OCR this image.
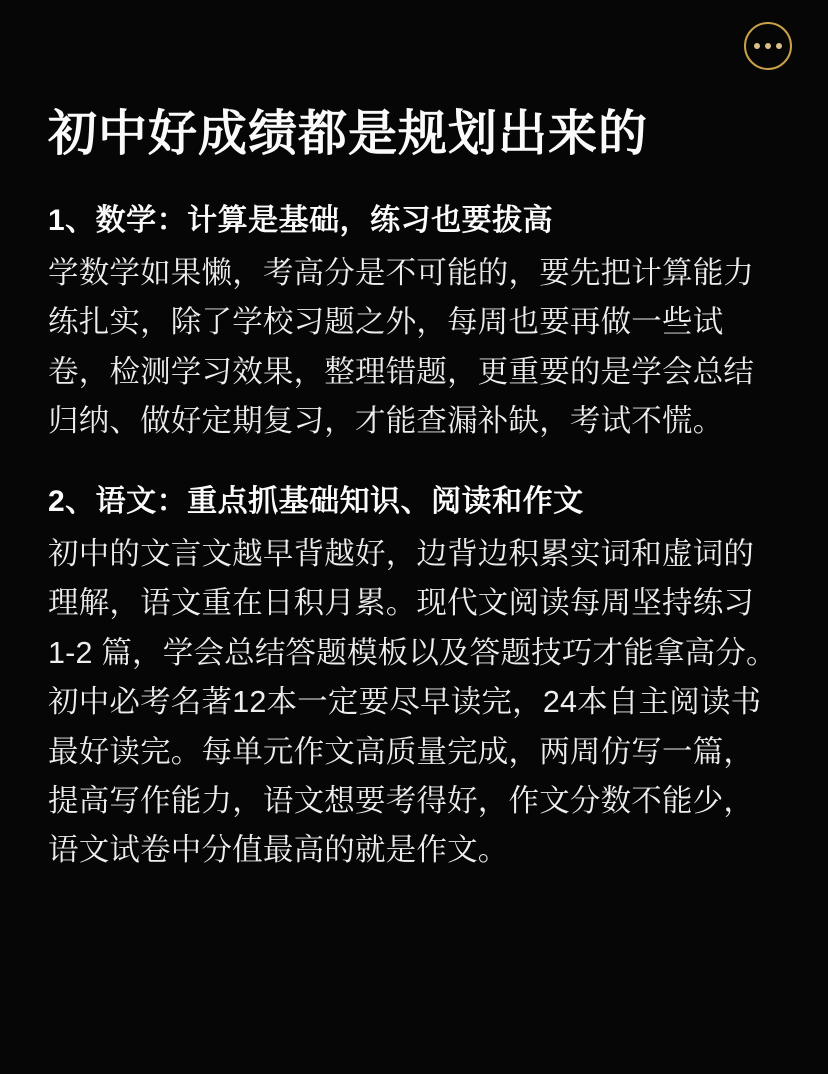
初中好成绩都是规划出来的
1、数学：计算是基础，练习也要拔高

学数学如果懒，考高分是不可能的，要先把计算能力练扎实，除了学校习题之外，每周也要再做一些试卷，检测学习效果，整理错题，更重要的是学会总结归纳、做好定期复习，才能查漏补缺，考试不慌。

2、语文：重点抓基础知识、阅读和作文

初中的文言文越早背越好，边背边积累实词和虚词的理解，语文重在日积月累。现代文阅读每周坚持练习 1-2 篇，学会总结答题模板以及答题技巧才能拿高分。

初中必考名著12本一定要尽早读完，24本自主阅读书最好读完。每单元作文高质量完成，两周仿写一篇，提高写作能力，语文想要考得好，作文分数不能少，语文试卷中分值最高的就是作文。
